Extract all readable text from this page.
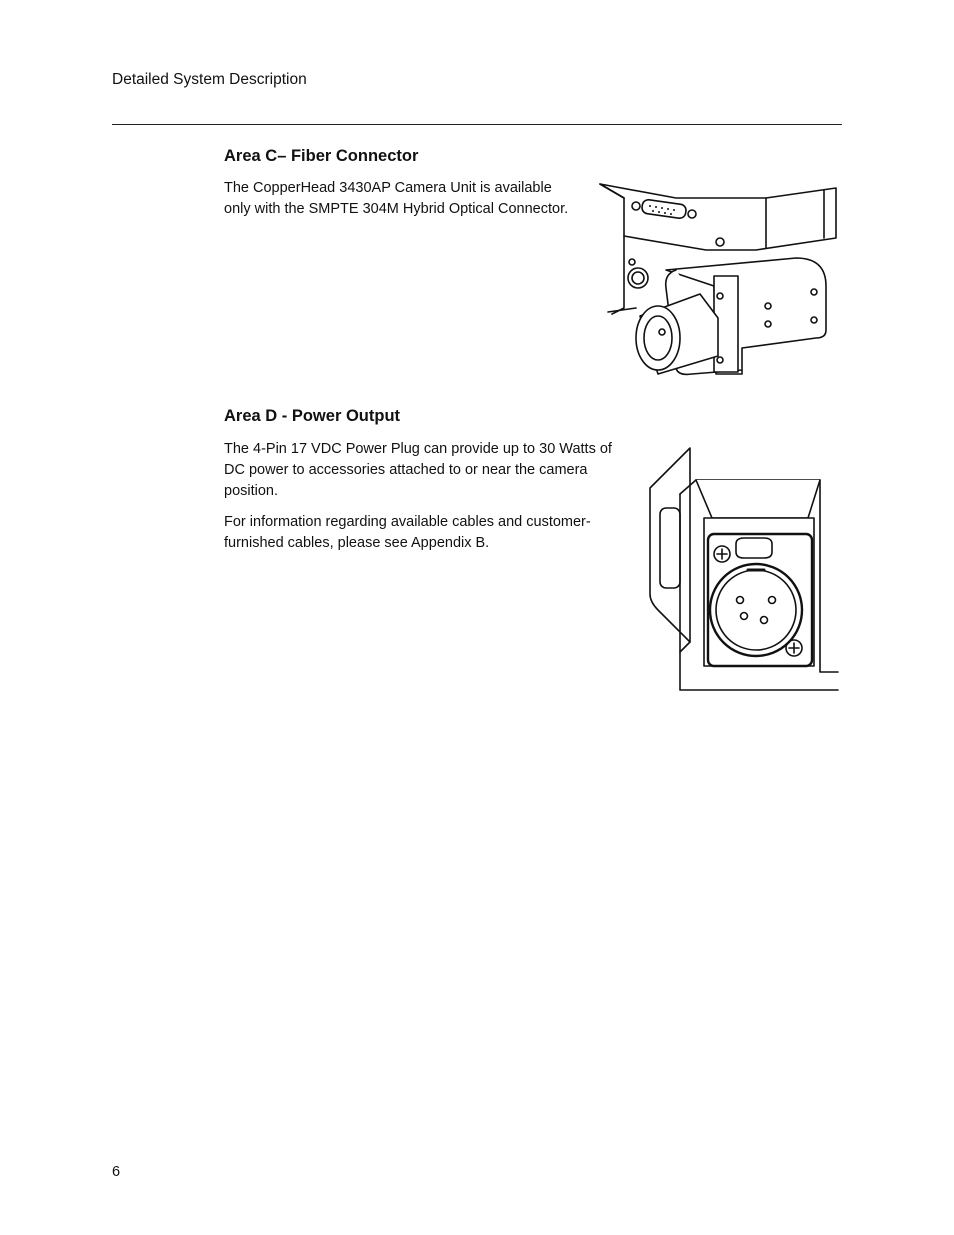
Detailed System Description
Area C– Fiber Connector

The CopperHead 3430AP Camera Unit is available
only with the SMPTE 304M Hybrid Optical Connector.

Area D - Power Output

The 4-Pin 17 VDC Power Plug can provide up to 30 Watts of
DC power to accessories attached to or near the camera
position.

For information regarding available cables and customer-
furnished cables, please see Appendix B.

6
